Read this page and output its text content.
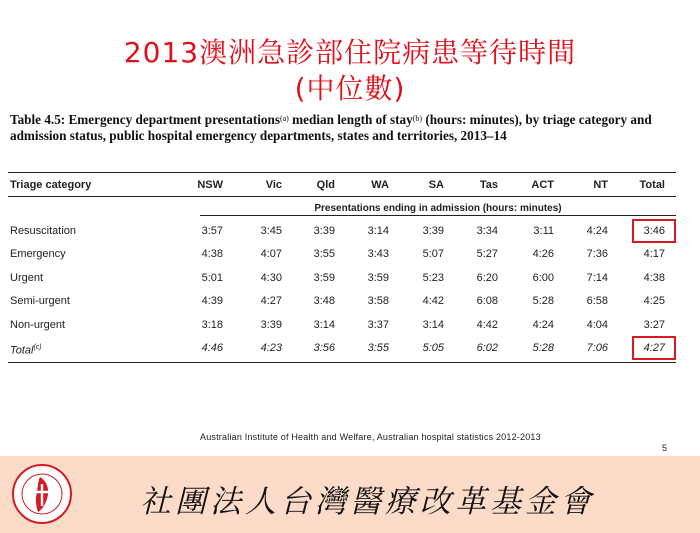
2013澳洲急診部住院病患等待時間
(中位數)
Table 4.5: Emergency department presentations$^{(a)}$ median length of stay$^{(b)}$ (hours: minutes), by triage category and admission status, public hospital emergency departments, states and territories, 2013–14
Triage category	NSW	Vic	Qld	WA	SA	Tas	ACT	NT	Total
Presentations ending in admission (hours: minutes)
Resuscitation	3:57	3:45	3:39	3:14	3:39	3:34	3:11	4:24	3:46
Emergency	4:38	4:07	3:55	3:43	5:07	5:27	4:26	7:36	4:17
Urgent	5:01	4:30	3:59	3:59	5:23	6:20	6:00	7:14	4:38
Semi-urgent	4:39	4:27	3:48	3:58	4:42	6:08	5:28	6:58	4:25
Non-urgent	3:18	3:39	3:14	3:37	3:14	4:42	4:24	4:04	3:27
Total$^{(c)}$	4:46	4:23	3:56	3:55	5:05	6:02	5:28	7:06	4:27
Australian Institute of Health and Welfare, Australian hospital statistics 2012-2013
5
社團法人台灣醫療改革基金會
